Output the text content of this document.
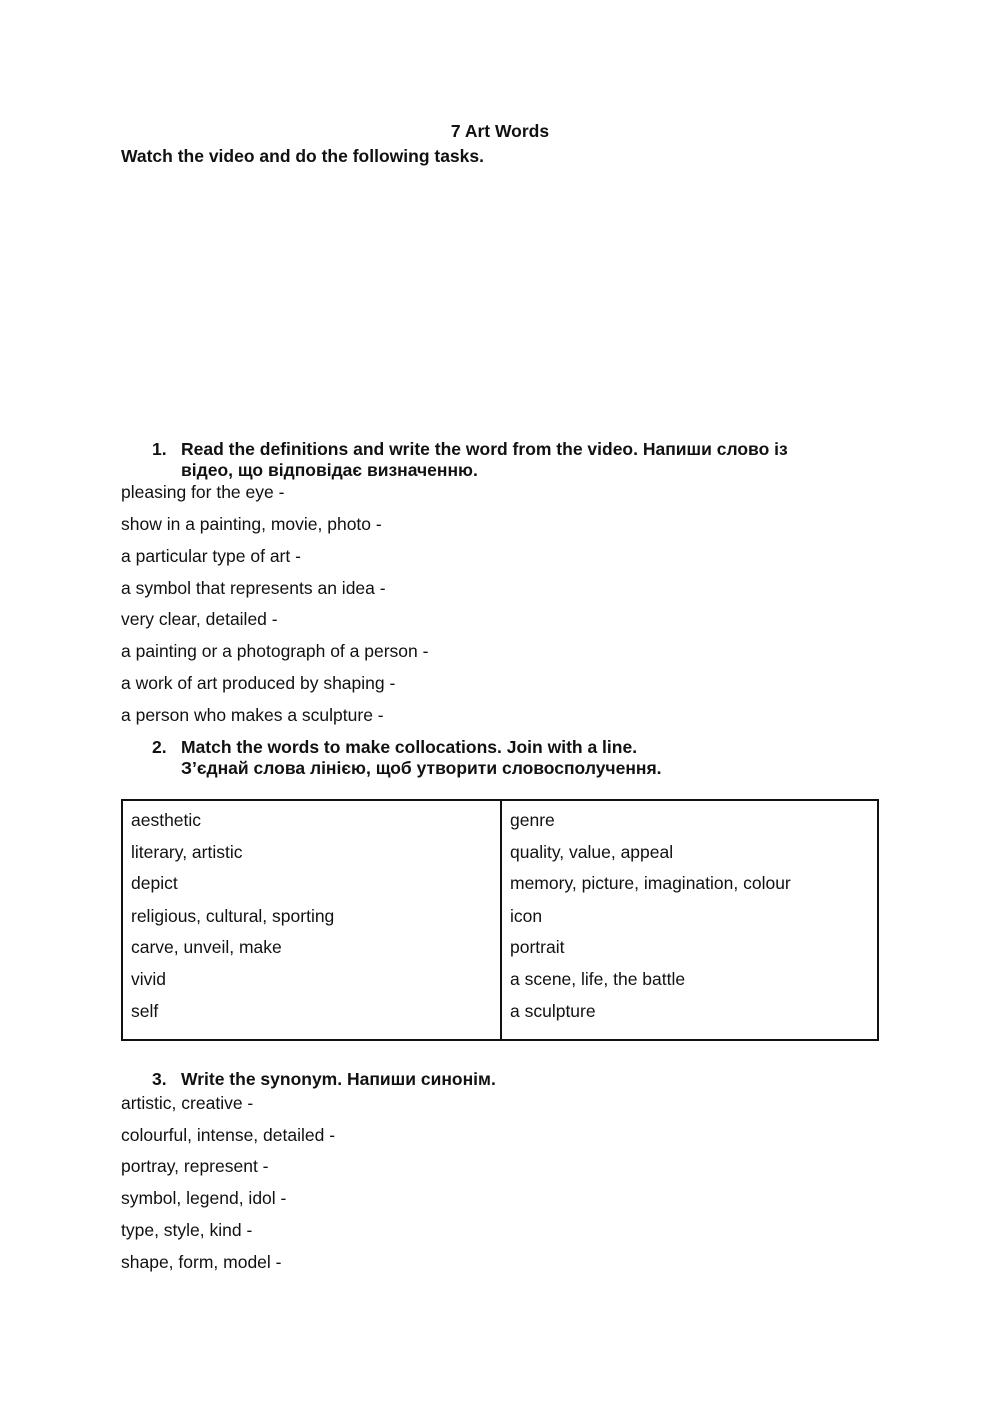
7 Art Words
Watch the video and do the following tasks.
1. Read the definitions and write the word from the video. Напиши слово із
відео, що відповідає визначенню.
pleasing for the eye -
show in a painting, movie, photo -
a particular type of art -
a symbol that represents an idea -
very clear, detailed -
a painting or a photograph of a person -
a work of art produced by shaping -
a person who makes a sculpture -
2. Match the words to make collocations. Join with a line.
З’єднай слова лінією, щоб утворити словосполучення.
aesthetic
literary, artistic
depict
religious, cultural, sporting
carve, unveil, make
vivid
self
genre
quality, value, appeal
memory, picture, imagination, colour
icon
portrait
a scene, life, the battle
a sculpture
3. Write the synonym. Напиши синонім.
artistic, creative -
colourful, intense, detailed -
portray, represent -
symbol, legend, idol -
type, style, kind -
shape, form, model -
